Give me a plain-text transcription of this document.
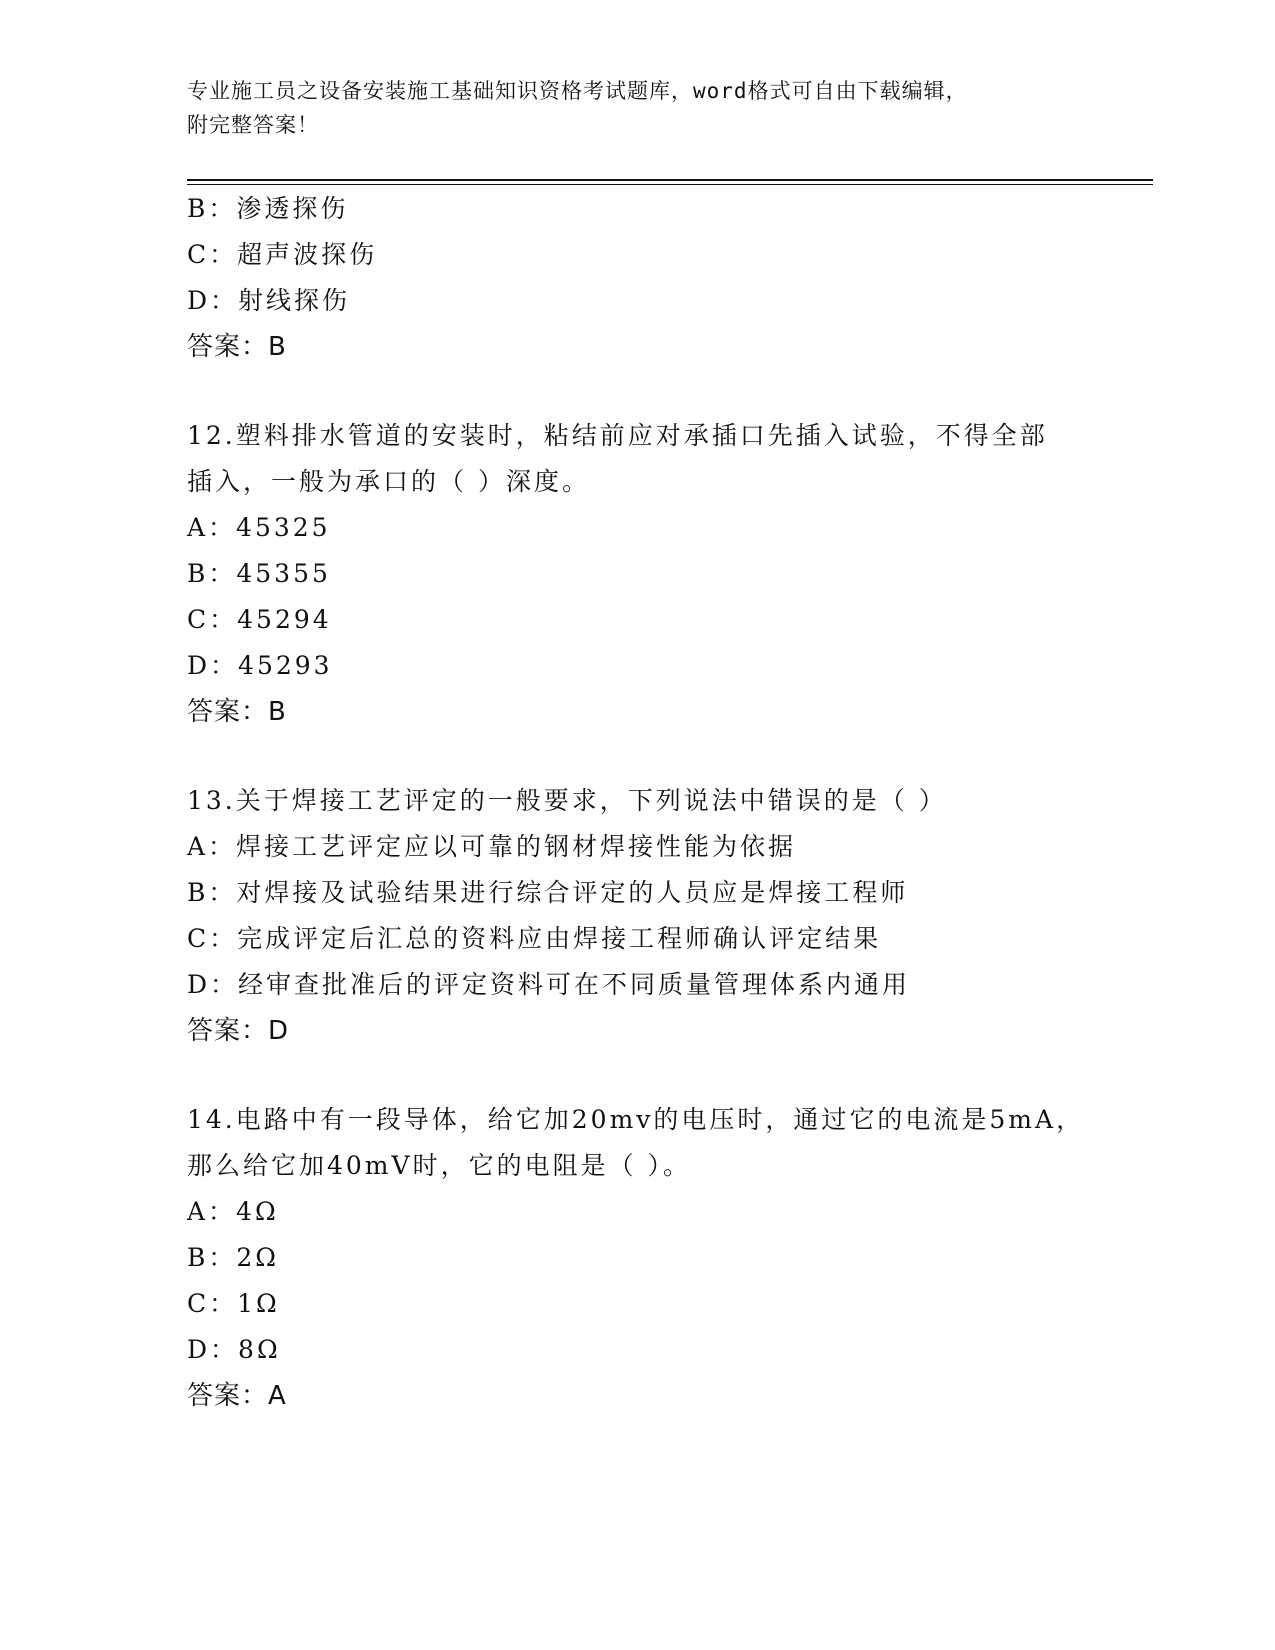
专业施工员之设备安装施工基础知识资格考试题库，word格式可自由下载编辑，
附完整答案！
B：渗透探伤
C：超声波探伤
D：射线探伤
答案：B
12.塑料排水管道的安装时，粘结前应对承插口先插入试验，不得全部
插入，一般为承口的（ ）深度。
A：45325
B：45355
C：45294
D：45293
答案：B
13.关于焊接工艺评定的一般要求，下列说法中错误的是（ ）
A：焊接工艺评定应以可靠的钢材焊接性能为依据
B：对焊接及试验结果进行综合评定的人员应是焊接工程师
C：完成评定后汇总的资料应由焊接工程师确认评定结果
D：经审查批准后的评定资料可在不同质量管理体系内通用
答案：D
14.电路中有一段导体，给它加20mv的电压时，通过它的电流是5mA，
那么给它加40mV时，它的电阻是（ ）。
A：4Ω
B：2Ω
C：1Ω
D：8Ω
答案：A
